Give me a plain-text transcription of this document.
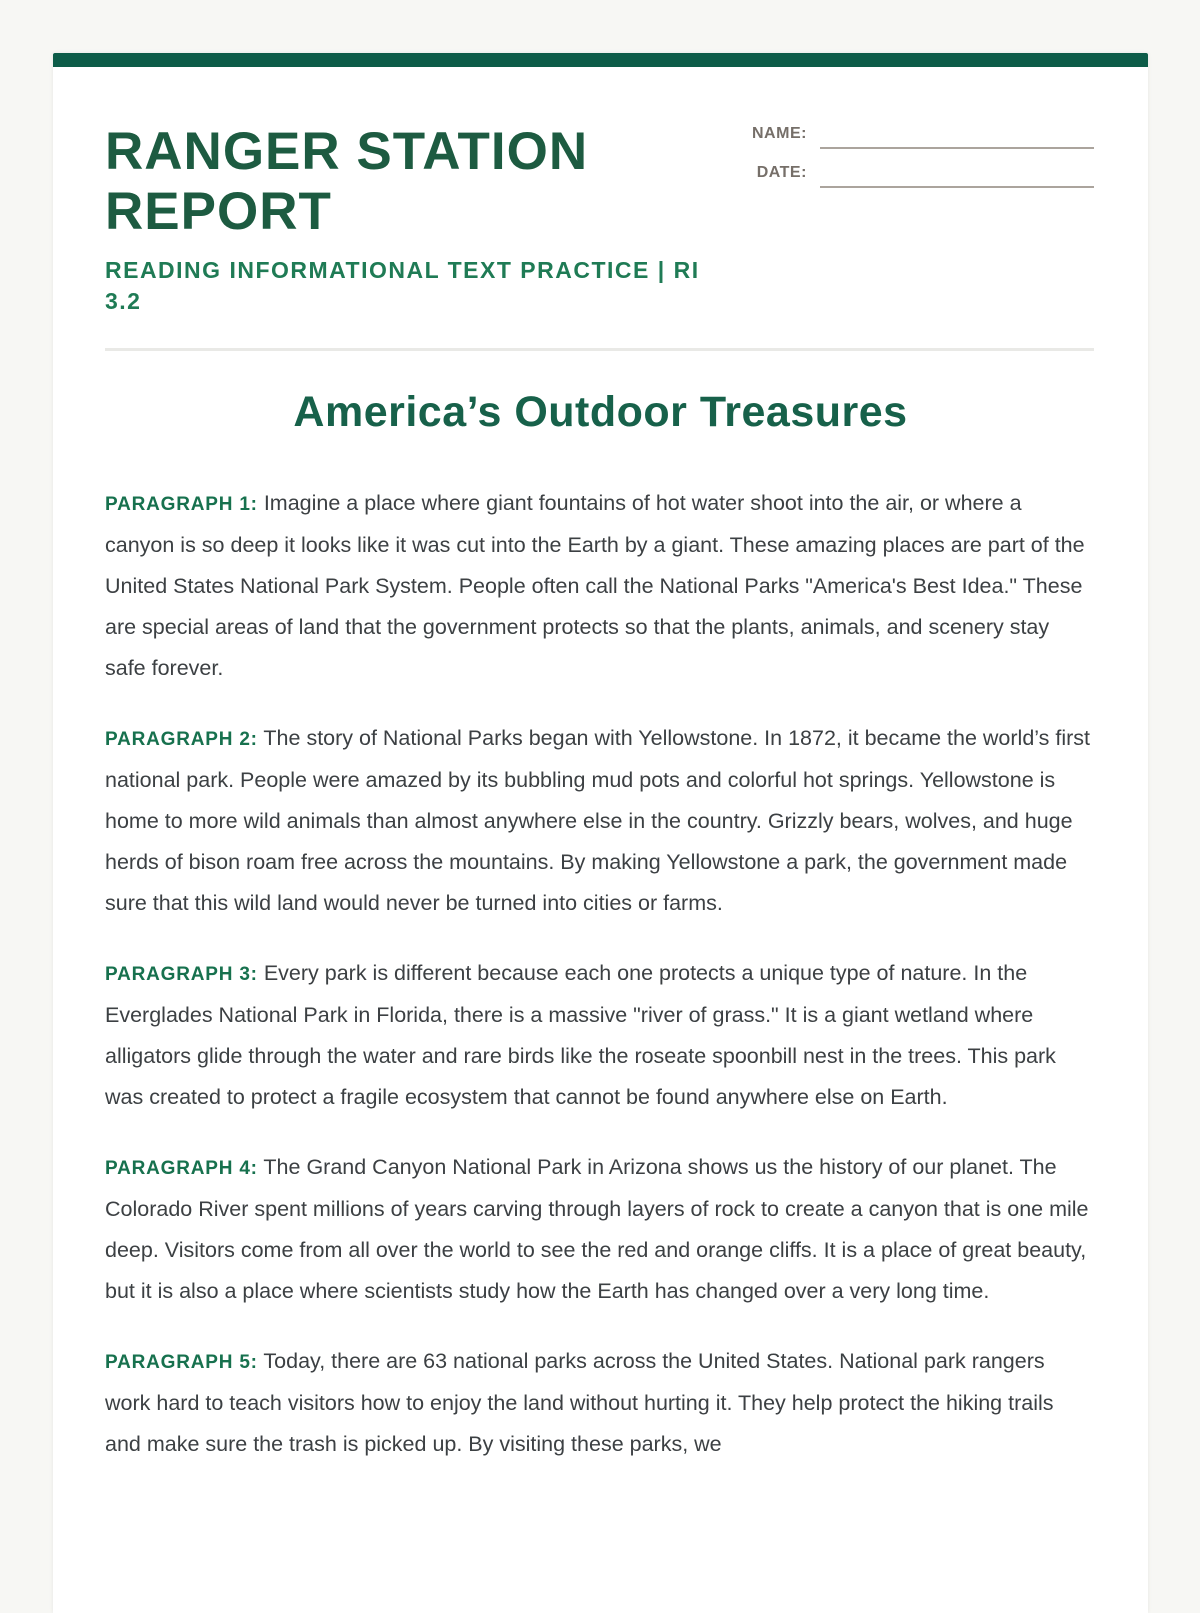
RANGER STATION
REPORT
READING INFORMATIONAL TEXT PRACTICE | RI
3.2
NAME:
DATE:
America’s Outdoor Treasures

PARAGRAPH 1: Imagine a place where giant fountains of hot water shoot into the air, or where a canyon is so deep it looks like it was cut into the Earth by a giant. These amazing places are part of the United States National Park System. People often call the National Parks "America's Best Idea." These are special areas of land that the government protects so that the plants, animals, and scenery stay safe forever.

PARAGRAPH 2: The story of National Parks began with Yellowstone. In 1872, it became the world’s first national park. People were amazed by its bubbling mud pots and colorful hot springs. Yellowstone is home to more wild animals than almost anywhere else in the country. Grizzly bears, wolves, and huge herds of bison roam free across the mountains. By making Yellowstone a park, the government made sure that this wild land would never be turned into cities or farms.

PARAGRAPH 3: Every park is different because each one protects a unique type of nature. In the Everglades National Park in Florida, there is a massive "river of grass." It is a giant wetland where alligators glide through the water and rare birds like the roseate spoonbill nest in the trees. This park was created to protect a fragile ecosystem that cannot be found anywhere else on Earth.

PARAGRAPH 4: The Grand Canyon National Park in Arizona shows us the history of our planet. The Colorado River spent millions of years carving through layers of rock to create a canyon that is one mile deep. Visitors come from all over the world to see the red and orange cliffs. It is a place of great beauty, but it is also a place where scientists study how the Earth has changed over a very long time.

PARAGRAPH 5: Today, there are 63 national parks across the United States. National park rangers work hard to teach visitors how to enjoy the land without hurting it. They help protect the hiking trails and make sure the trash is picked up. By visiting these parks, we
